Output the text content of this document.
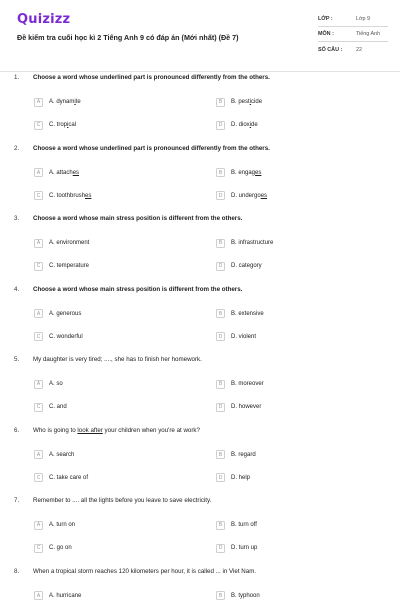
Quizizz
Đề kiểm tra cuối học kì 2 Tiếng Anh 9 có đáp án (Mới nhất) (Đề 7)
LỚP :	Lớp 9
MÔN :	Tiếng Anh
SỐ CÂU :	22
1. Choose a word whose underlined part is pronounced differently from the others.
A	A. dynamite	B	B. pesticide
C	C. tropical	D	D. dioxide
2. Choose a word whose underlined part is pronounced differently from the others.
A	A. attaches	B	B. engages
C	C. toothbrushes	D	D. undergoes
3. Choose a word whose main stress position is different from the others.
A	A. environment	B	B. infrastructure
C	C. temperature	D	D. category
4. Choose a word whose main stress position is different from the others.
A	A. generous	B	B. extensive
C	C. wonderful	D	D. violent
5. My daughter is very tired; ...., she has to finish her homework.
A	A. so	B	B. moreover
C	C. and	D	D. however
6. Who is going to look after your children when you're at work?
A	A. search	B	B. regard
C	C. take care of	D	D. help
7. Remember to .... all the lights before you leave to save electricity.
A	A. turn on	B	B. turn off
C	C. go on	D	D. turn up
8. When a tropical storm reaches 120 kilometers per hour, it is called ... in Viet Nam.
A	A. hurricane	B	B. typhoon
